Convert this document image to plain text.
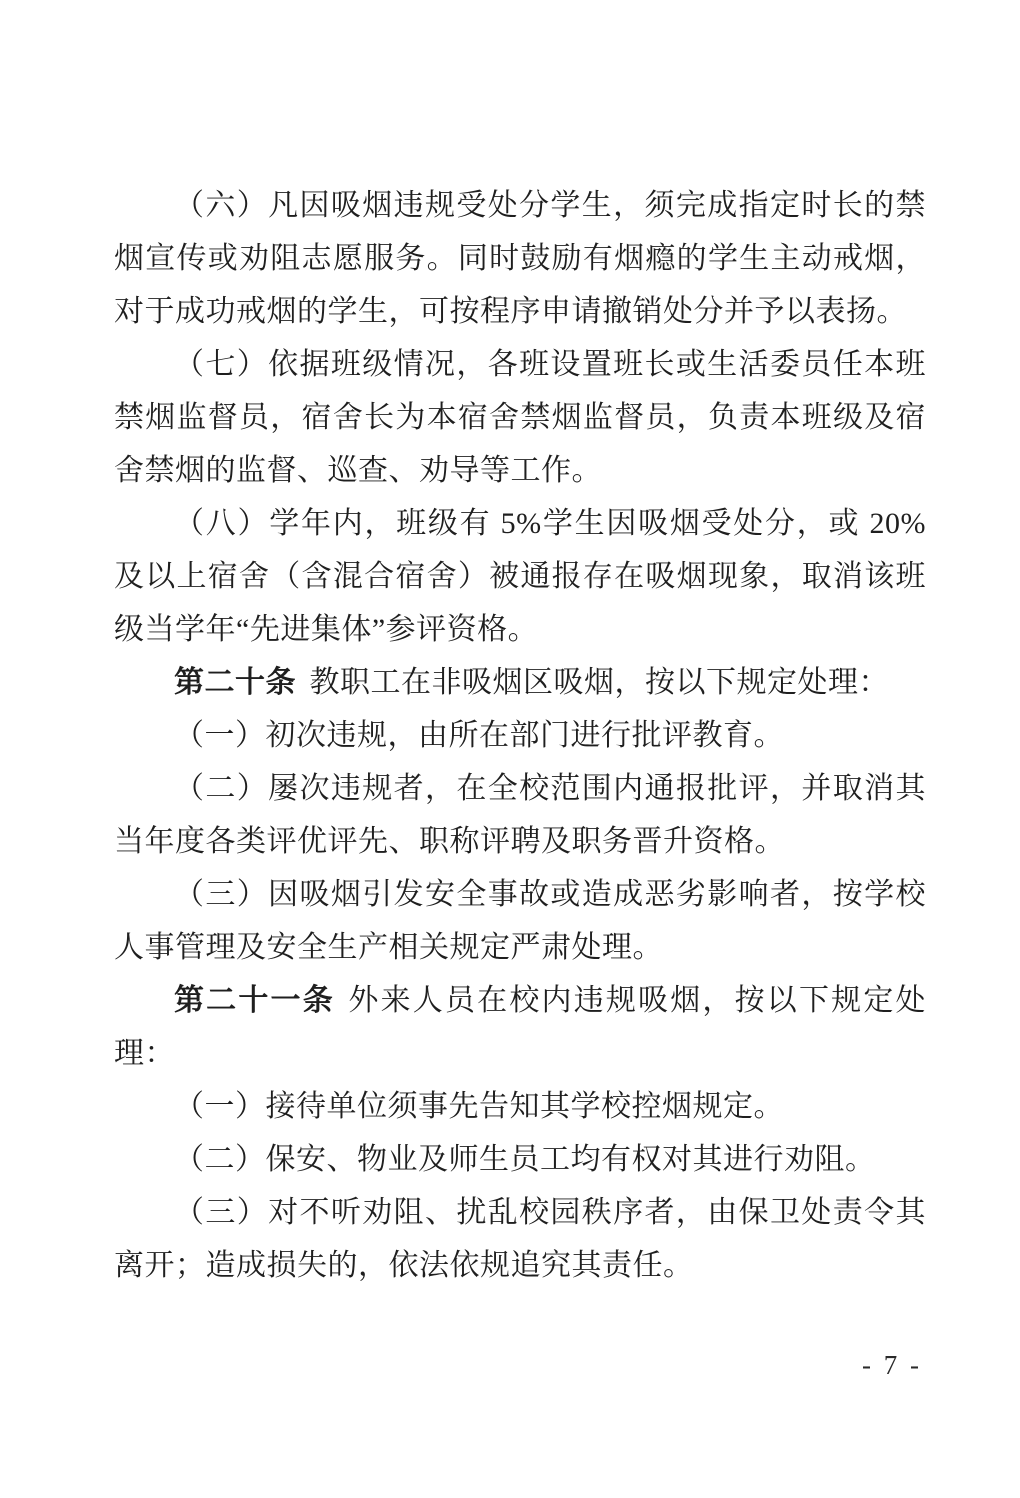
（六）凡因吸烟违规受处分学生，须完成指定时长的禁烟宣传或劝阻志愿服务。同时鼓励有烟瘾的学生主动戒烟，对于成功戒烟的学生，可按程序申请撤销处分并予以表扬。

（七）依据班级情况，各班设置班长或生活委员任本班禁烟监督员，宿舍长为本宿舍禁烟监督员，负责本班级及宿舍禁烟的监督、巡查、劝导等工作。

（八）学年内，班级有 5%学生因吸烟受处分，或 20%及以上宿舍（含混合宿舍）被通报存在吸烟现象，取消该班级当学年“先进集体”参评资格。

第二十条 教职工在非吸烟区吸烟，按以下规定处理：

（一）初次违规，由所在部门进行批评教育。

（二）屡次违规者，在全校范围内通报批评，并取消其当年度各类评优评先、职称评聘及职务晋升资格。

（三）因吸烟引发安全事故或造成恶劣影响者，按学校人事管理及安全生产相关规定严肃处理。

第二十一条 外来人员在校内违规吸烟，按以下规定处理：

（一）接待单位须事先告知其学校控烟规定。

（二）保安、物业及师生员工均有权对其进行劝阻。

（三）对不听劝阻、扰乱校园秩序者，由保卫处责令其离开；造成损失的，依法依规追究其责任。

- 7 -
